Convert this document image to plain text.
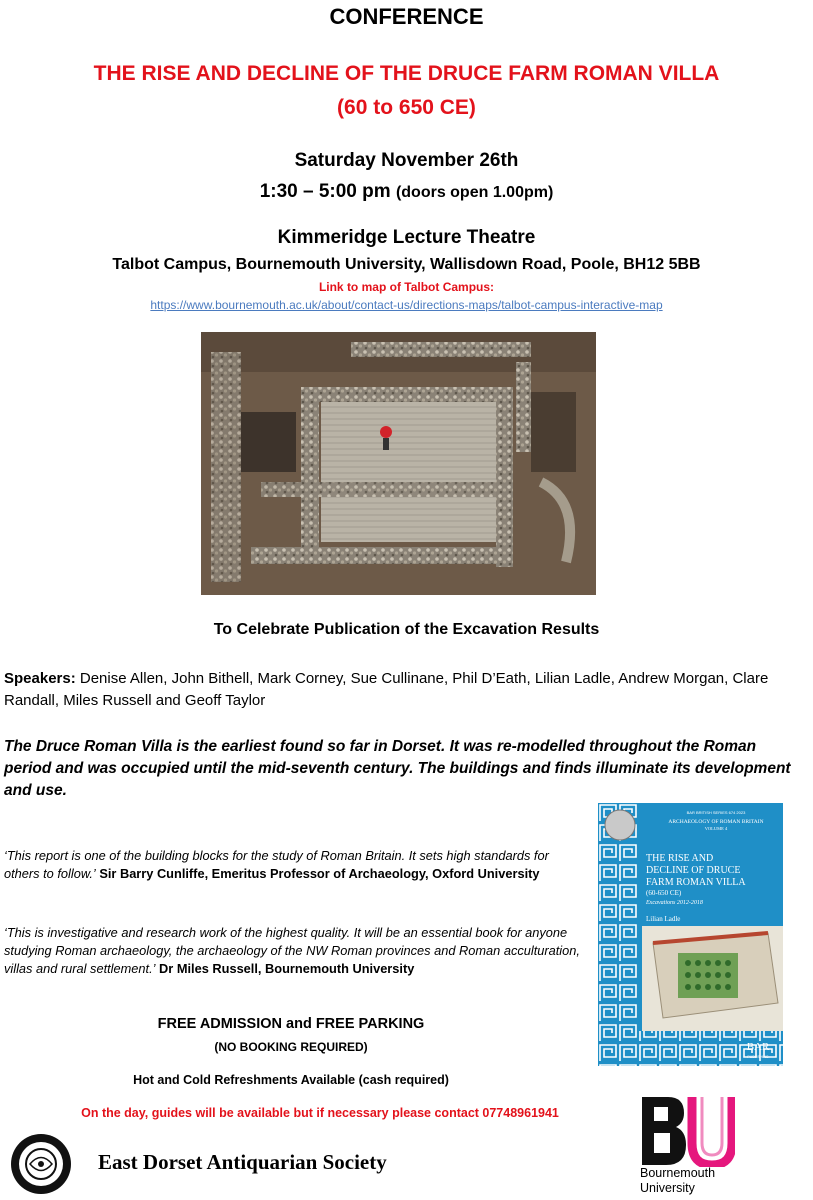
CONFERENCE
THE RISE AND DECLINE OF THE DRUCE FARM ROMAN VILLA
(60 to 650 CE)
Saturday November 26th
1:30 – 5:00 pm (doors open 1.00pm)
Kimmeridge Lecture Theatre
Talbot Campus, Bournemouth University, Wallisdown Road, Poole, BH12 5BB
Link to map of Talbot Campus:
https://www.bournemouth.ac.uk/about/contact-us/directions-maps/talbot-campus-interactive-map
To Celebrate Publication of the Excavation Results
Speakers: Denise Allen, John Bithell, Mark Corney, Sue Cullinane, Phil D’Eath, Lilian Ladle, Andrew Morgan, Clare Randall, Miles Russell and Geoff Taylor
The Druce Roman Villa is the earliest found so far in Dorset. It was re-modelled throughout the Roman period and was occupied until the mid-seventh century. The buildings and finds illuminate its development and use.
‘This report is one of the building blocks for the study of Roman Britain. It sets high standards for others to follow.’ Sir Barry Cunliffe, Emeritus Professor of Archaeology, Oxford University
‘This is investigative and research work of the highest quality. It will be an essential book for anyone studying Roman archaeology, the archaeology of the NW Roman provinces and Roman acculturation, villas and rural settlement.’ Dr Miles Russell, Bournemouth University
BAR BRITISH SERIES 674 2023
ARCHAEOLOGY OF ROMAN BRITAIN
VOLUME 4
THE RISE AND
DECLINE OF DRUCE
FARM ROMAN VILLA
(60-650 CE)
Excavations 2012-2018
Lilian Ladle
BAR
PUBLISHING
FREE ADMISSION and FREE PARKING
(NO BOOKING REQUIRED)
Hot and Cold Refreshments Available (cash required)
On the day, guides will be available but if necessary please contact 07748961941
East Dorset Antiquarian Society	Bournemouth
University
